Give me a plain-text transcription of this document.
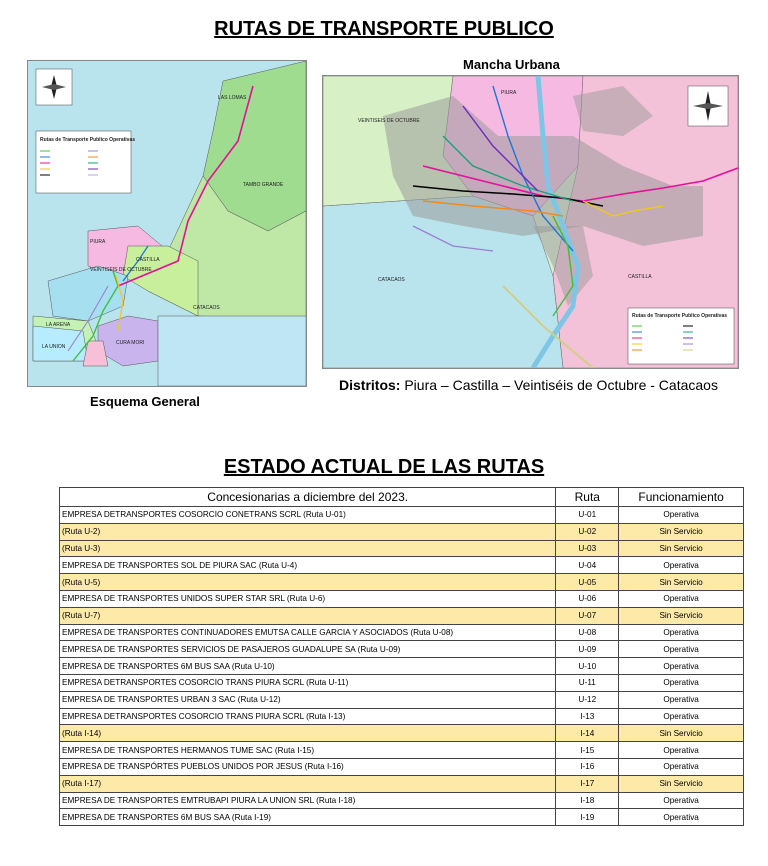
RUTAS DE TRANSPORTE PUBLICO
Rutas de Transporte Publico Operativas
LAS LOMAS
TAMBO GRANDE
PIURA
CASTILLA
VEINTISEIS DE OCTUBRE
LA ARENA
LA UNION
CURA MORI
CATACAOS
Esquema General
Mancha Urbana
Rutas de Transporte Publico Operativas
VEINTISEIS DE OCTUBRE
PIURA
CATACAOS	CASTILLA
Distritos: Piura – Castilla – Veintiséis de Octubre - Catacaos
ESTADO ACTUAL DE LAS RUTAS
Concesionarias a diciembre del 2023.	Ruta	Funcionamiento
EMPRESA DETRANSPORTES COSORCIO CONETRANS SCRL (Ruta U-01)	U-01	Operativa
(Ruta U-2)	U-02	Sin Servicio
(Ruta U-3)	U-03	Sin Servicio
EMPRESA DE TRANSPORTES SOL DE PIURA SAC (Ruta U-4)	U-04	Operativa
(Ruta U-5)	U-05	Sin Servicio
EMPRESA DE TRANSPORTES UNIDOS SUPER STAR SRL (Ruta U-6)	U-06	Operativa
(Ruta U-7)	U-07	Sin Servicio
EMPRESA DE TRANSPORTES CONTINUADORES EMUTSA CALLE GARCIA Y ASOCIADOS (Ruta U-08)	U-08	Operativa
EMPRESA DE TRANSPORTES SERVICIOS DE PASAJEROS GUADALUPE SA (Ruta U-09)	U-09	Operativa
EMPRESA DE TRANSPORTES 6M BUS SAA (Ruta U-10)	U-10	Operativa
EMPRESA DETRANSPORTES COSORCIO TRANS PIURA SCRL (Ruta U-11)	U-11	Operativa
EMPRESA DE TRANSPORTES URBAN 3 SAC (Ruta U-12)	U-12	Operativa
EMPRESA DETRANSPORTES COSORCIO TRANS PIURA SCRL (Ruta I-13)	I-13	Operativa
(Ruta I-14)	I-14	Sin Servicio
EMPRESA DE TRANSPORTES HERMANOS TUME SAC (Ruta I-15)	I-15	Operativa
EMPRESA DE TRANSPÓRTES PUEBLOS UNIDOS POR JESUS (Ruta I-16)	I-16	Operativa
(Ruta I-17)	I-17	Sin Servicio
EMPRESA DE TRANSPORTES EMTRUBAPI PIURA LA UNION SRL (Ruta I-18)	I-18	Operativa
EMPRESA DE TRANSPORTES 6M BUS SAA (Ruta I-19)	I-19	Operativa
